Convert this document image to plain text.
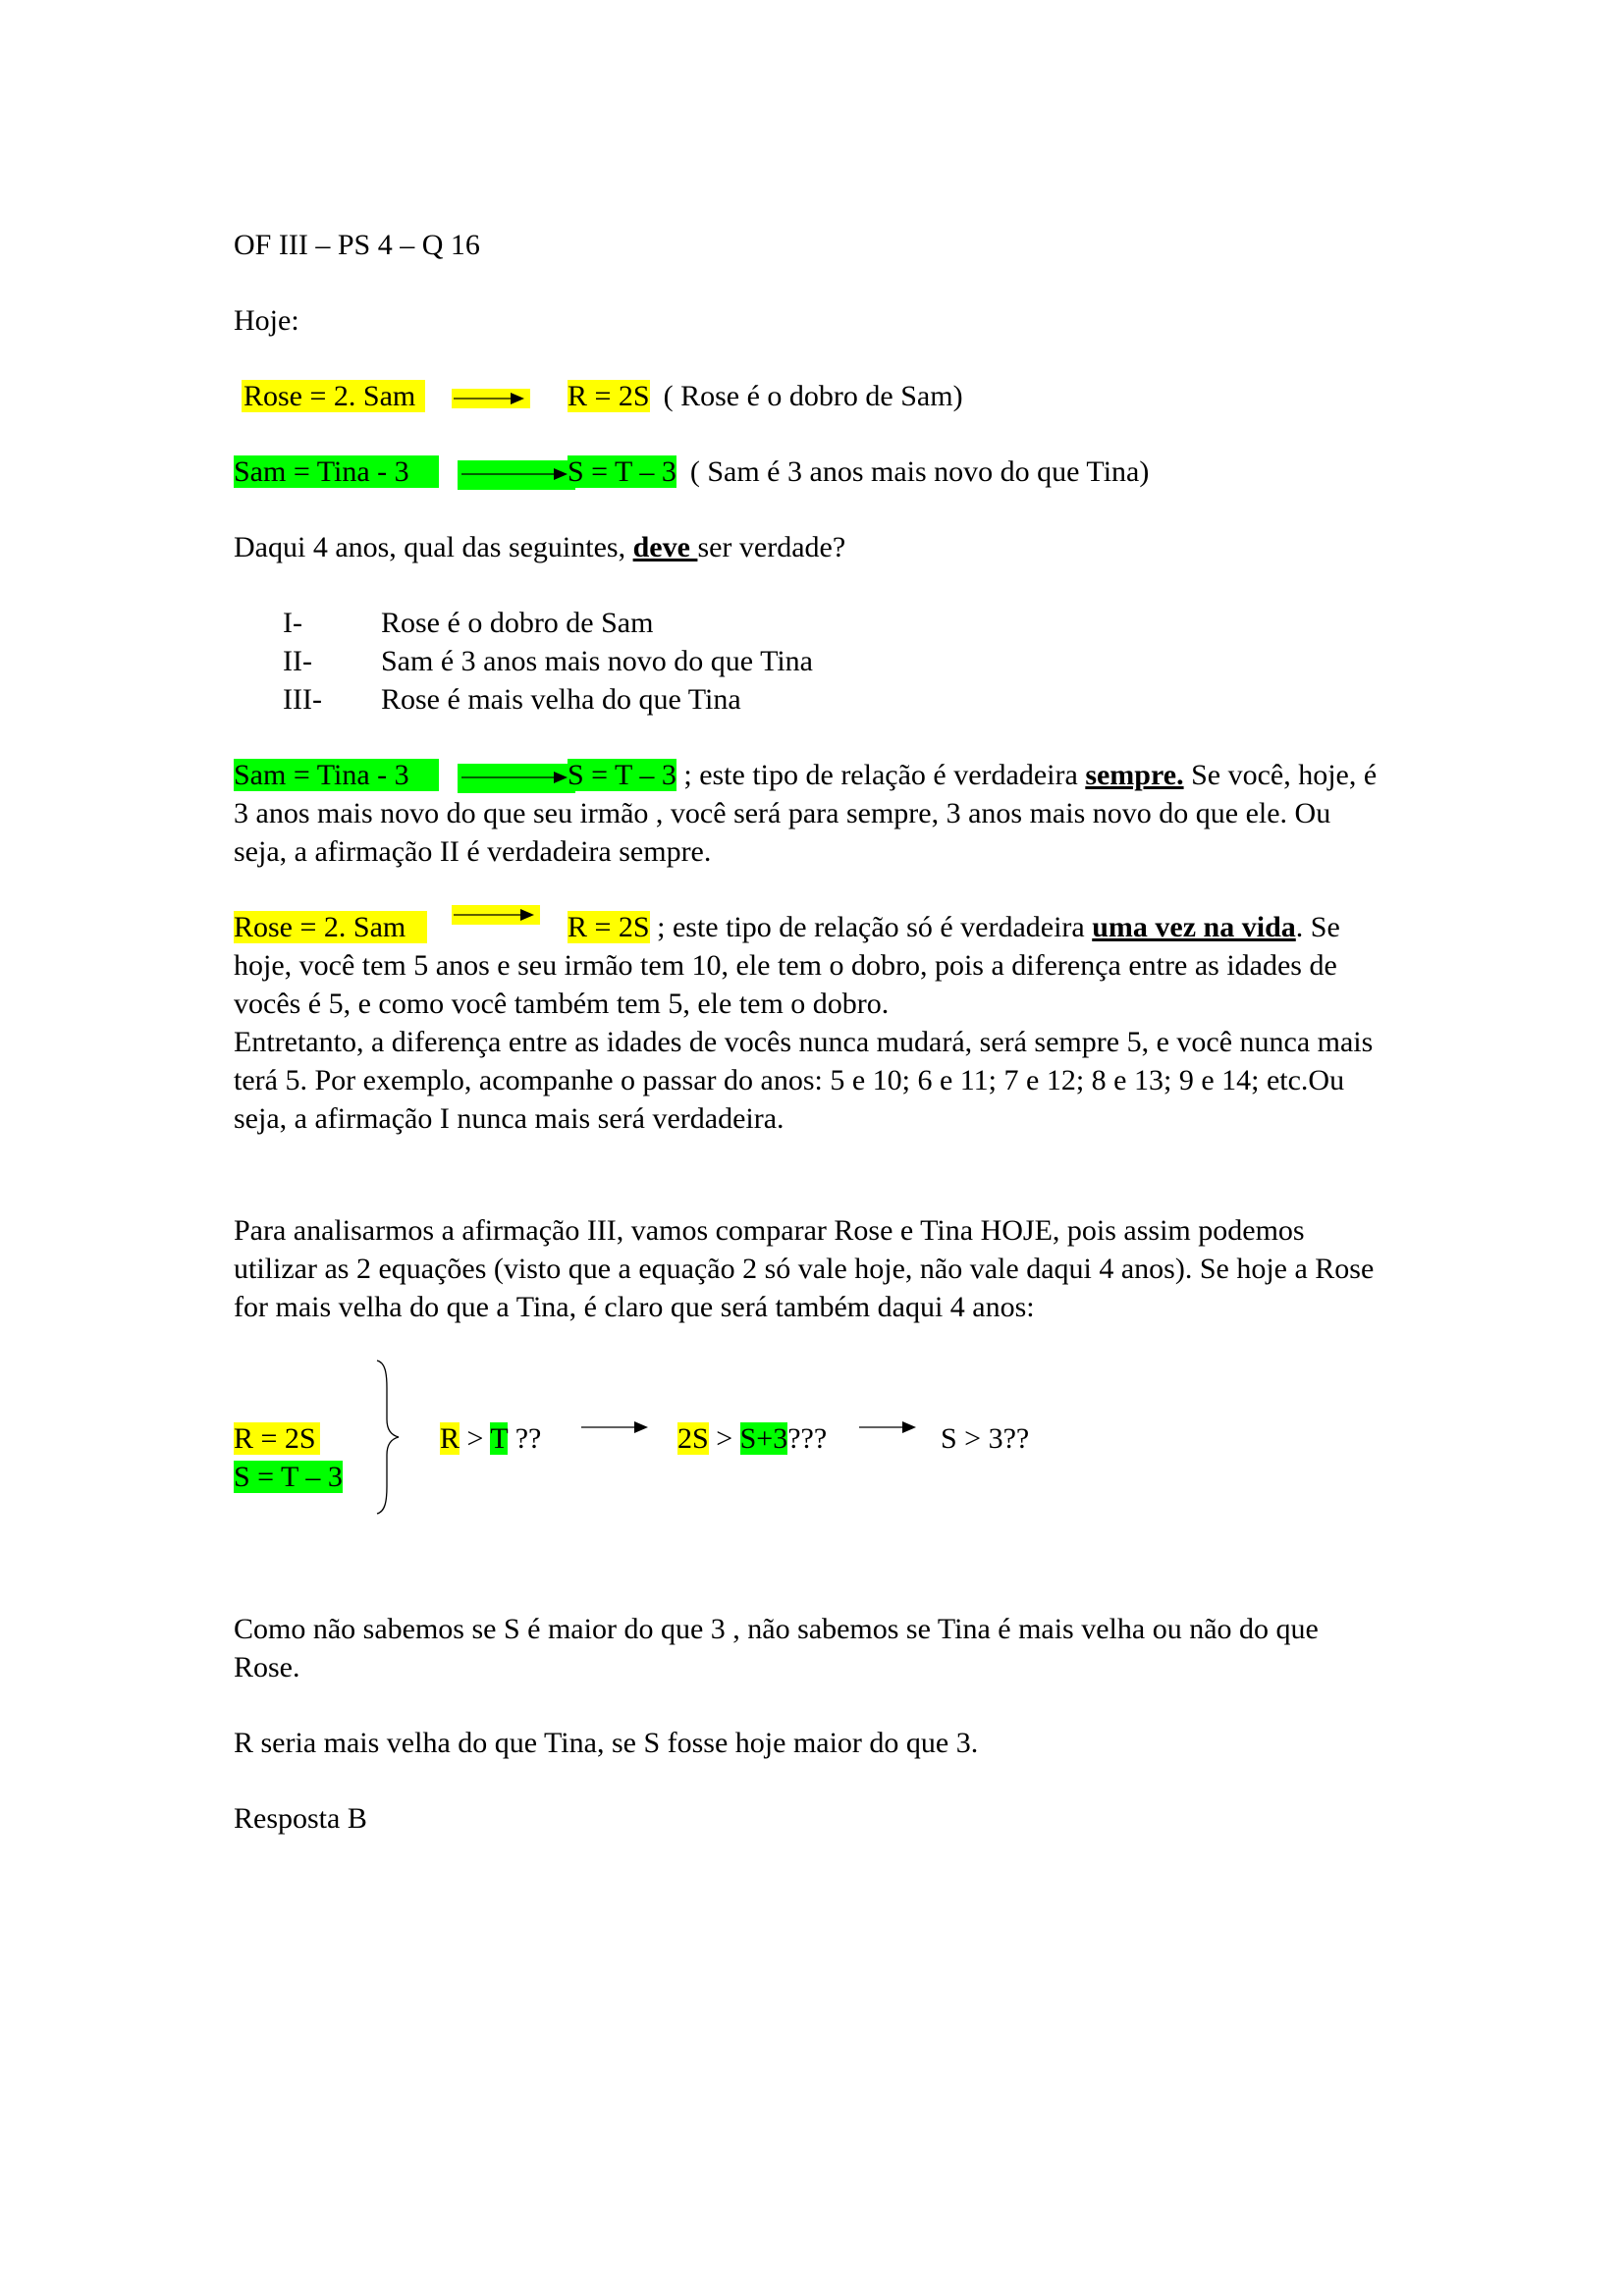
OF III – PS 4 – Q 16
Hoje:
Rose = 2. Sam	R = 2S ( Rose é o dobro de Sam)
Sam = Tina - 3	S = T – 3 ( Sam é 3 anos mais novo do que Tina)
Daqui 4 anos, qual das seguintes, deve ser verdade?
I-	Rose é o dobro de Sam
II- Sam é 3 anos mais novo do que Tina
III- Rose é mais velha do que Tina
Sam = Tina - 3	S = T – 3 ; este tipo de relação é verdadeira sempre. Se você, hoje, é
3 anos mais novo do que seu irmão , você será para sempre, 3 anos mais novo do que ele. Ou
seja, a afirmação II é verdadeira sempre.
Rose = 2. Sam	R = 2S ; este tipo de relação só é verdadeira uma vez na vida. Se
hoje, você tem 5 anos e seu irmão tem 10, ele tem o dobro, pois a diferença entre as idades de
vocês é 5, e como você também tem 5, ele tem o dobro.
Entretanto, a diferença entre as idades de vocês nunca mudará, será sempre 5, e você nunca mais
terá 5. Por exemplo, acompanhe o passar do anos: 5 e 10; 6 e 11; 7 e 12; 8 e 13; 9 e 14; etc.Ou
seja, a afirmação I nunca mais será verdadeira.
Para analisarmos a afirmação III, vamos comparar Rose e Tina HOJE, pois assim podemos
utilizar as 2 equações (visto que a equação 2 só vale hoje, não vale daqui 4 anos). Se hoje a Rose
for mais velha do que a Tina, é claro que será também daqui 4 anos:
R = 2S
S = T – 3
R > T ??	2S > S+3???	S > 3??
Como não sabemos se S é maior do que 3 , não sabemos se Tina é mais velha ou não do que
Rose.
R seria mais velha do que Tina, se S fosse hoje maior do que 3.
Resposta B
